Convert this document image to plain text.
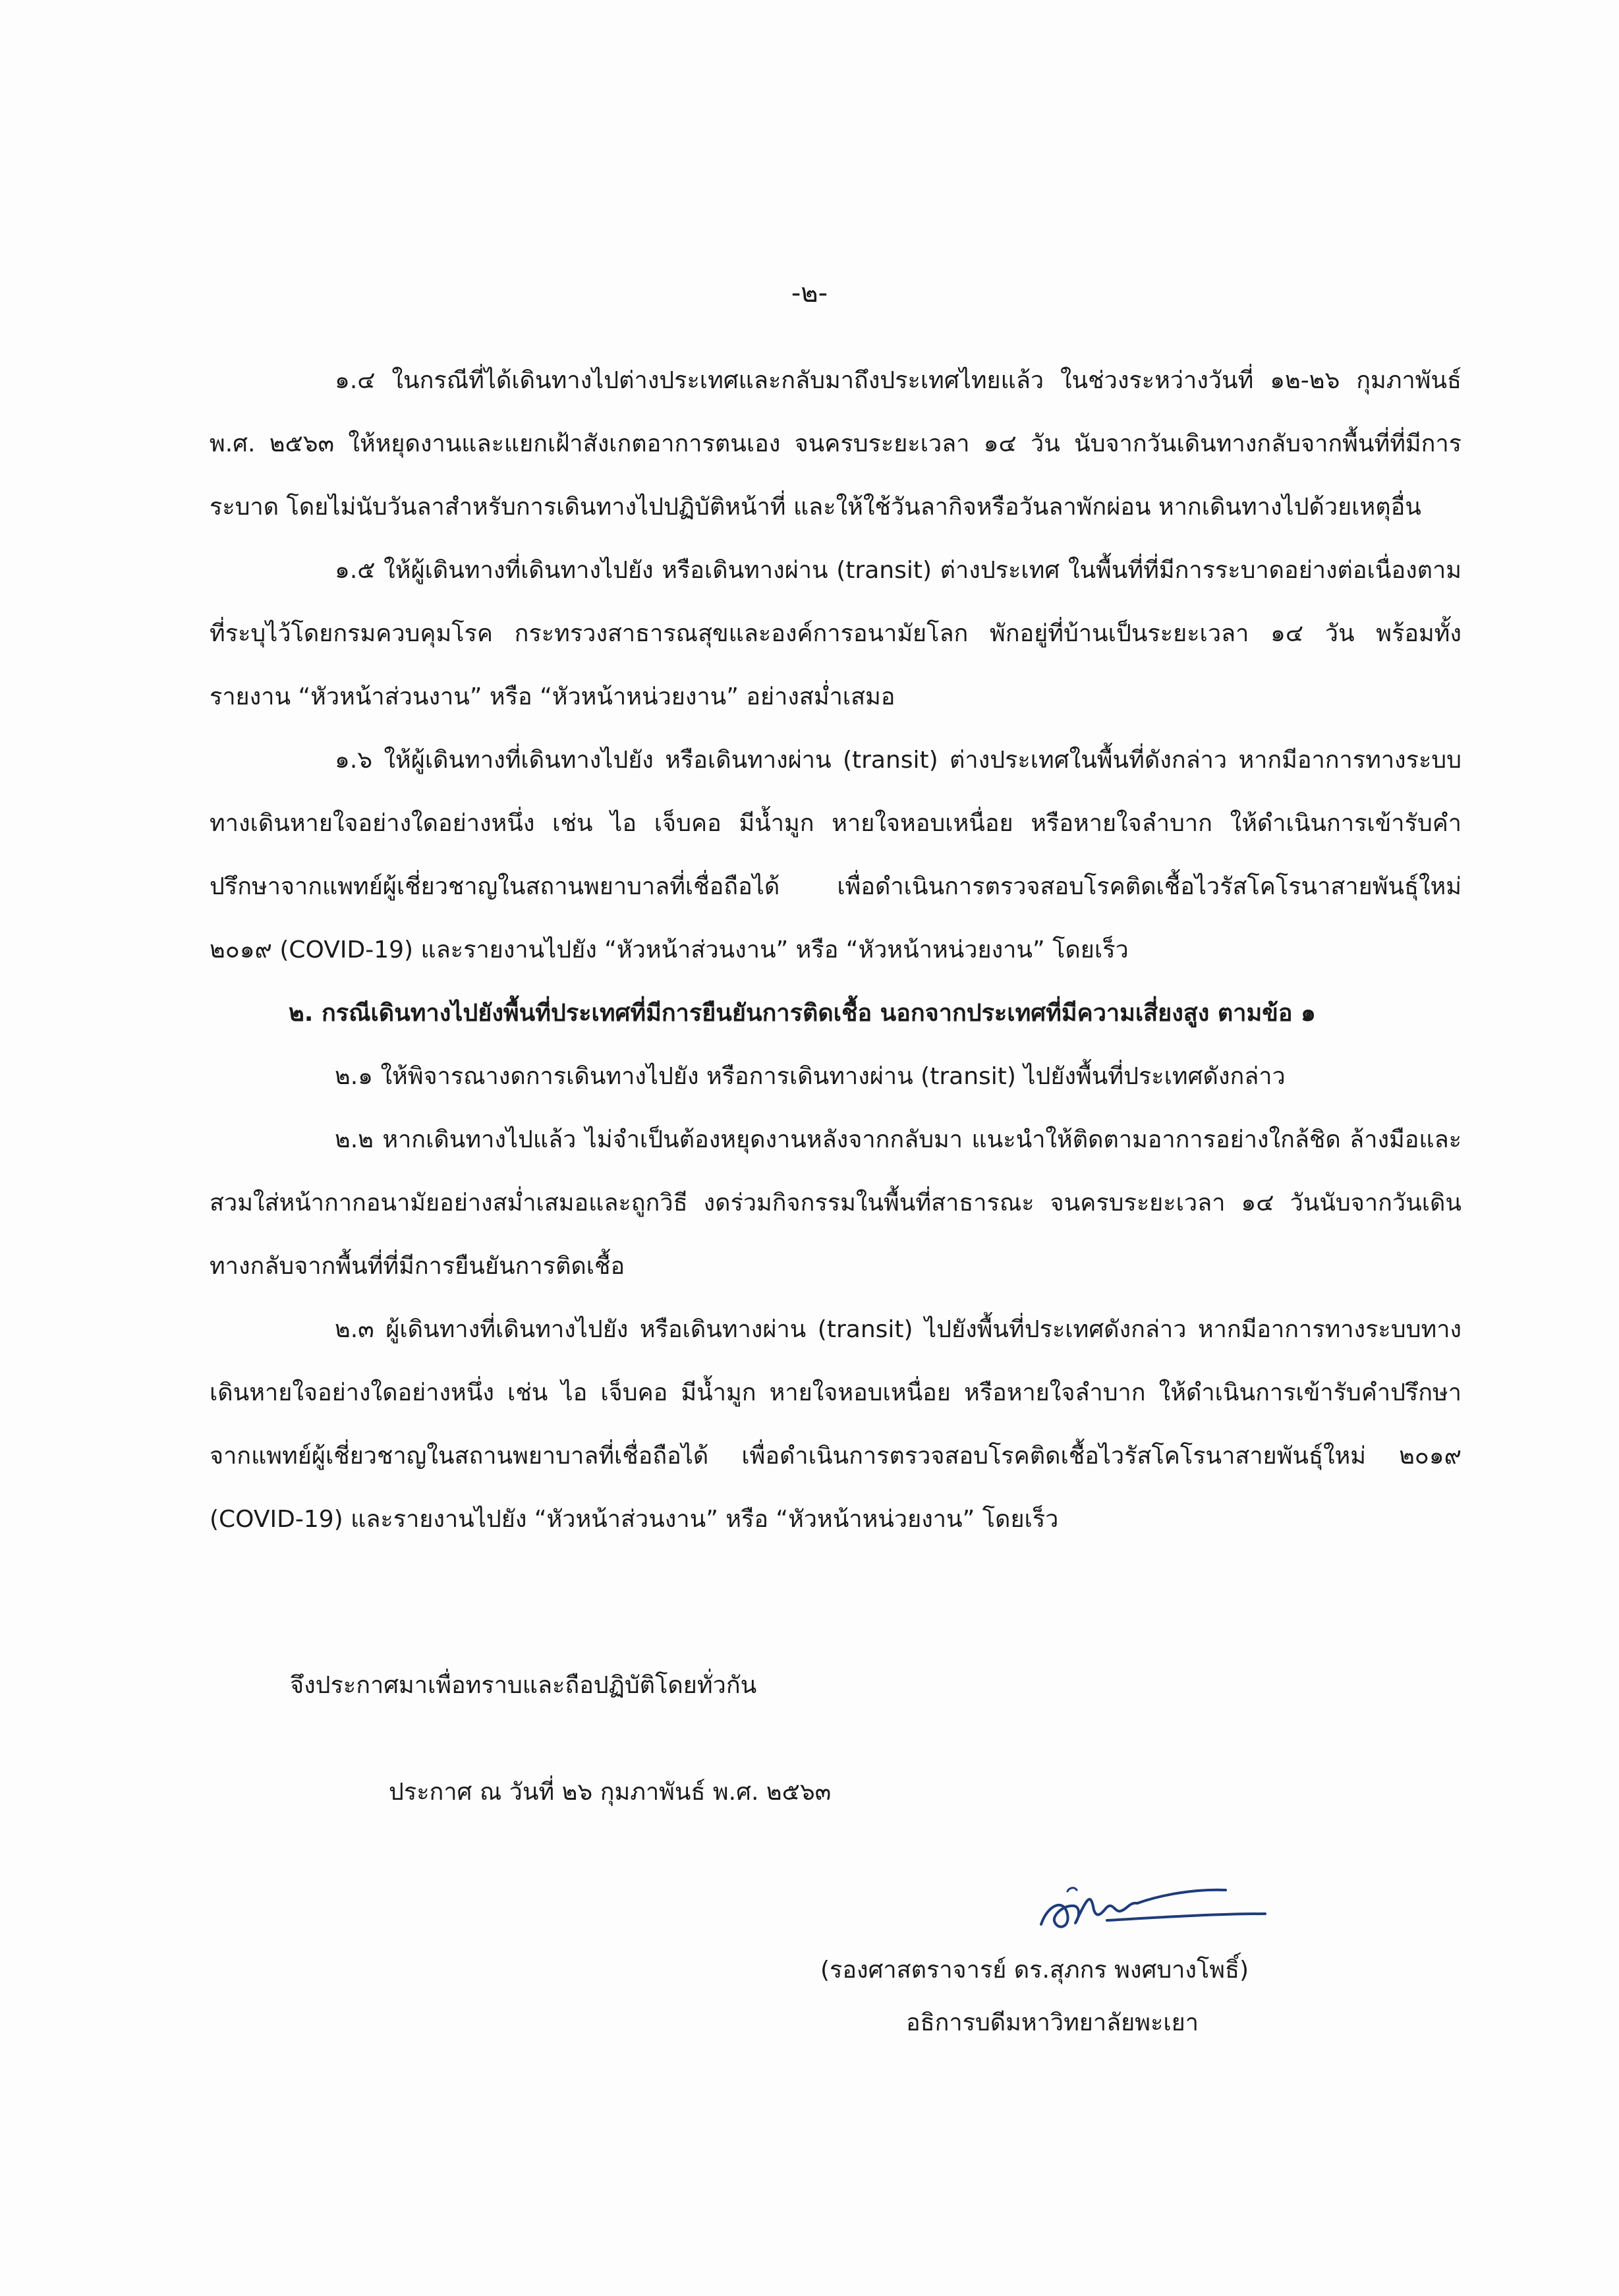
-๒-

๑.๔ ในกรณีที่ได้เดินทางไปต่างประเทศและกลับมาถึงประเทศไทยแล้ว ในช่วงระหว่างวันที่ ๑๒-๒๖ กุมภาพันธ์ พ.ศ. ๒๕๖๓ ให้หยุดงานและแยกเฝ้าสังเกตอาการตนเอง จนครบระยะเวลา ๑๔ วัน นับจากวันเดินทางกลับจากพื้นที่ที่มีการระบาด โดยไม่นับวันลาสำหรับการเดินทางไปปฏิบัติหน้าที่ และให้ใช้วันลากิจหรือวันลาพักผ่อน หากเดินทางไปด้วยเหตุอื่น

๑.๕ ให้ผู้เดินทางที่เดินทางไปยัง หรือเดินทางผ่าน (transit) ต่างประเทศ ในพื้นที่ที่มีการระบาดอย่างต่อเนื่องตามที่ระบุไว้โดยกรมควบคุมโรค กระทรวงสาธารณสุขและองค์การอนามัยโลก พักอยู่ที่บ้านเป็นระยะเวลา ๑๔ วัน พร้อมทั้งรายงาน “หัวหน้าส่วนงาน” หรือ “หัวหน้าหน่วยงาน” อย่างสม่ำเสมอ

๑.๖ ให้ผู้เดินทางที่เดินทางไปยัง หรือเดินทางผ่าน (transit) ต่างประเทศในพื้นที่ดังกล่าว หากมีอาการทางระบบทางเดินหายใจอย่างใดอย่างหนึ่ง เช่น ไอ เจ็บคอ มีน้ำมูก หายใจหอบเหนื่อย หรือหายใจลำบาก ให้ดำเนินการเข้ารับคำปรึกษาจากแพทย์ผู้เชี่ยวชาญในสถานพยาบาลที่เชื่อถือได้ เพื่อดำเนินการตรวจสอบโรคติดเชื้อไวรัสโคโรนาสายพันธุ์ใหม่ ๒๐๑๙ (COVID-19) และรายงานไปยัง “หัวหน้าส่วนงาน” หรือ “หัวหน้าหน่วยงาน” โดยเร็ว

๒. กรณีเดินทางไปยังพื้นที่ประเทศที่มีการยืนยันการติดเชื้อ นอกจากประเทศที่มีความเสี่ยงสูง ตามข้อ ๑

๒.๑ ให้พิจารณางดการเดินทางไปยัง หรือการเดินทางผ่าน (transit) ไปยังพื้นที่ประเทศดังกล่าว

๒.๒ หากเดินทางไปแล้ว ไม่จำเป็นต้องหยุดงานหลังจากกลับมา แนะนำให้ติดตามอาการอย่างใกล้ชิด ล้างมือและสวมใส่หน้ากากอนามัยอย่างสม่ำเสมอและถูกวิธี งดร่วมกิจกรรมในพื้นที่สาธารณะ จนครบระยะเวลา ๑๔ วันนับจากวันเดินทางกลับจากพื้นที่ที่มีการยืนยันการติดเชื้อ

๒.๓ ผู้เดินทางที่เดินทางไปยัง หรือเดินทางผ่าน (transit) ไปยังพื้นที่ประเทศดังกล่าว หากมีอาการทางระบบทางเดินหายใจอย่างใดอย่างหนึ่ง เช่น ไอ เจ็บคอ มีน้ำมูก หายใจหอบเหนื่อย หรือหายใจลำบาก ให้ดำเนินการเข้ารับคำปรึกษาจากแพทย์ผู้เชี่ยวชาญในสถานพยาบาลที่เชื่อถือได้ เพื่อดำเนินการตรวจสอบโรคติดเชื้อไวรัสโคโรนาสายพันธุ์ใหม่ ๒๐๑๙ (COVID-19) และรายงานไปยัง “หัวหน้าส่วนงาน” หรือ “หัวหน้าหน่วยงาน” โดยเร็ว

จึงประกาศมาเพื่อทราบและถือปฏิบัติโดยทั่วกัน
ประกาศ ณ วันที่ ๒๖ กุมภาพันธ์ พ.ศ. ๒๕๖๓
(รองศาสตราจารย์ ดร.สุภกร พงศบางโพธิ์)
อธิการบดีมหาวิทยาลัยพะเยา
